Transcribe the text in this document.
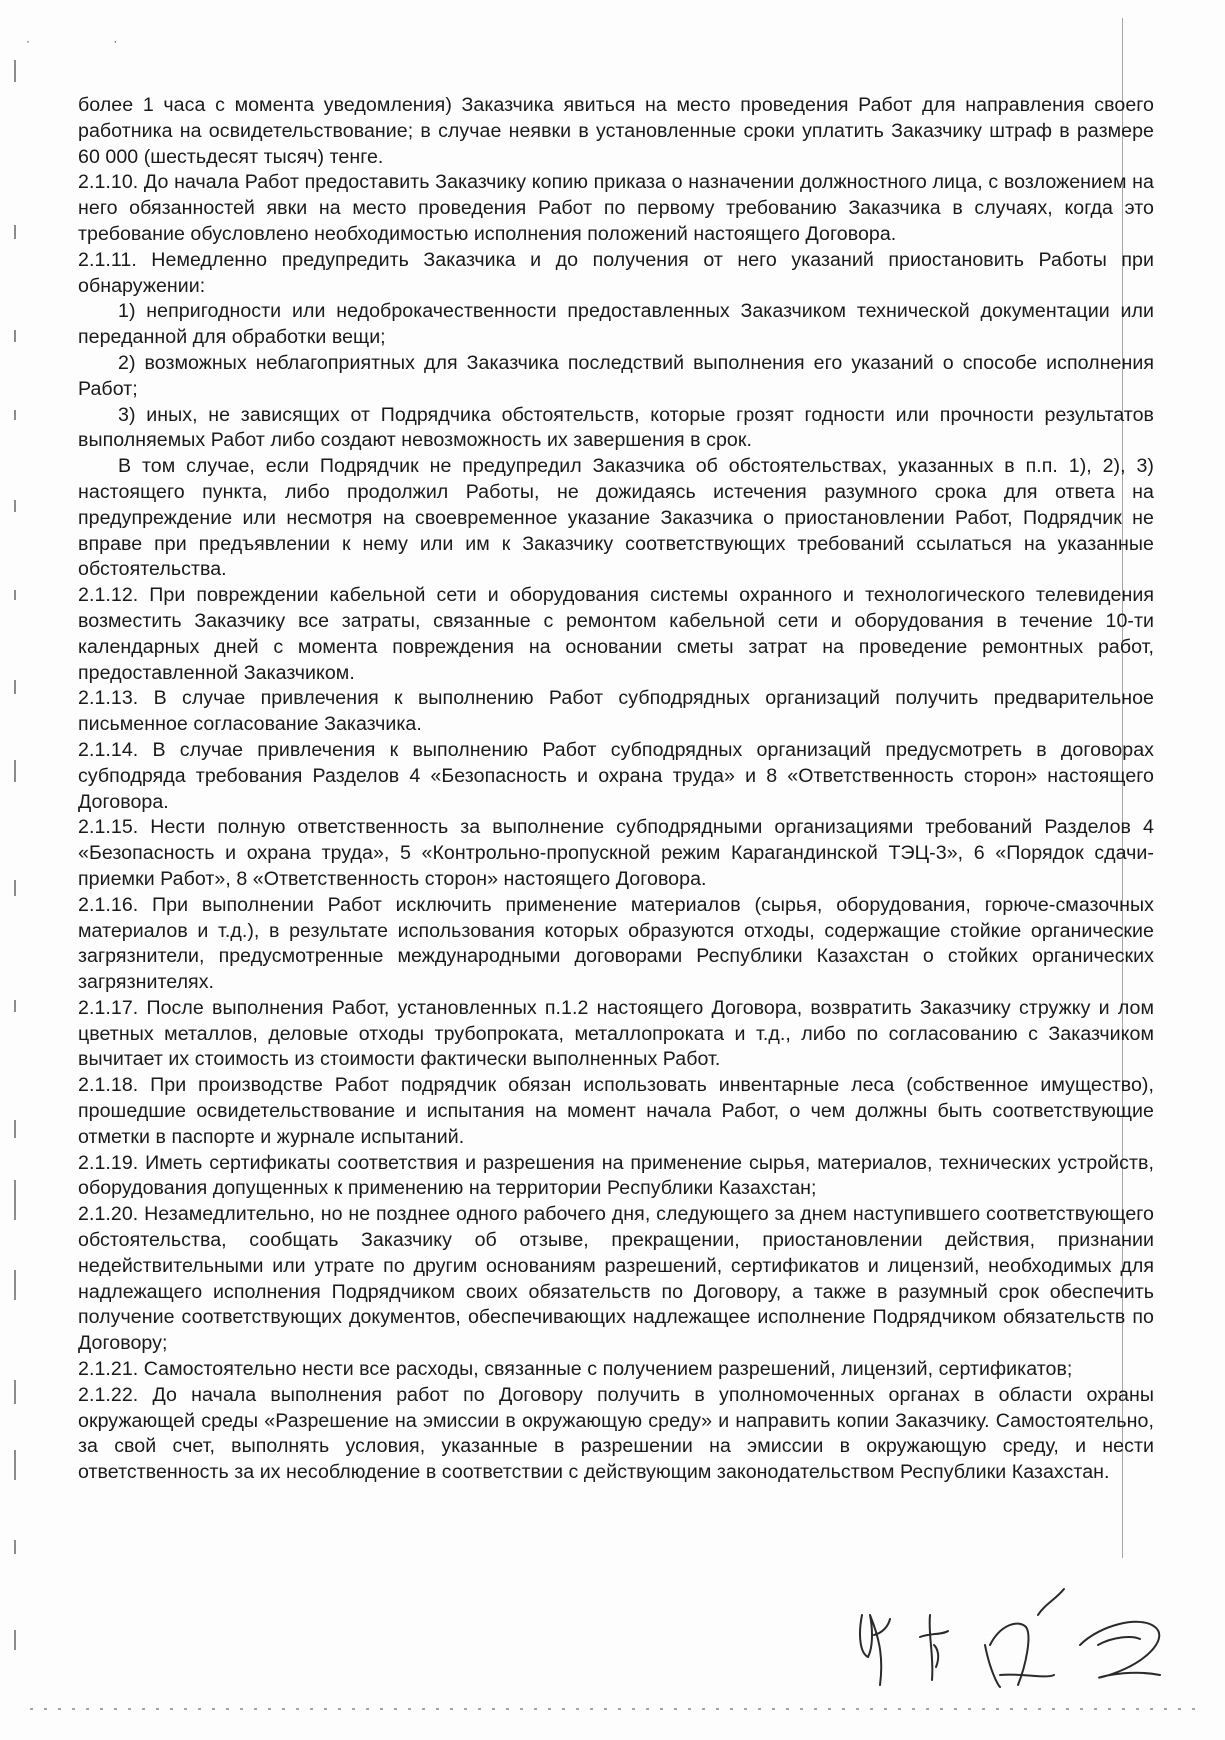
· ·

более 1 часа с момента уведомления) Заказчика явиться на место проведения Работ для направления своего работника на освидетельствование; в случае неявки в установленные сроки уплатить Заказчику штраф в размере 60 000 (шестьдесят тысяч) тенге.

2.1.10. До начала Работ предоставить Заказчику копию приказа о назначении должностного лица, с возложением на него обязанностей явки на место проведения Работ по первому требованию Заказчика в случаях, когда это требование обусловлено необходимостью исполнения положений настоящего Договора.

2.1.11. Немедленно предупредить Заказчика и до получения от него указаний приостановить Работы при обнаружении:

1) непригодности или недоброкачественности предоставленных Заказчиком технической документации или переданной для обработки вещи;

2) возможных неблагоприятных для Заказчика последствий выполнения его указаний о способе исполнения Работ;

3) иных, не зависящих от Подрядчика обстоятельств, которые грозят годности или прочности результатов выполняемых Работ либо создают невозможность их завершения в срок.

В том случае, если Подрядчик не предупредил Заказчика об обстоятельствах, указанных в п.п. 1), 2), 3) настоящего пункта, либо продолжил Работы, не дожидаясь истечения разумного срока для ответа на предупреждение или несмотря на своевременное указание Заказчика о приостановлении Работ, Подрядчик не вправе при предъявлении к нему или им к Заказчику соответствующих требований ссылаться на указанные обстоятельства.

2.1.12. При повреждении кабельной сети и оборудования системы охранного и технологического телевидения возместить Заказчику все затраты, связанные с ремонтом кабельной сети и оборудования в течение 10-ти календарных дней с момента повреждения на основании сметы затрат на проведение ремонтных работ, предоставленной Заказчиком.

2.1.13. В случае привлечения к выполнению Работ субподрядных организаций получить предварительное письменное согласование Заказчика.

2.1.14. В случае привлечения к выполнению Работ субподрядных организаций предусмотреть в договорах субподряда требования Разделов 4 «Безопасность и охрана труда» и 8 «Ответственность сторон» настоящего Договора.

2.1.15. Нести полную ответственность за выполнение субподрядными организациями требований Разделов 4 «Безопасность и охрана труда», 5 «Контрольно-пропускной режим Карагандинской ТЭЦ-3», 6 «Порядок сдачи-приемки Работ», 8 «Ответственность сторон» настоящего Договора.

2.1.16. При выполнении Работ исключить применение материалов (сырья, оборудования, горюче-смазочных материалов и т.д.), в результате использования которых образуются отходы, содержащие стойкие органические загрязнители, предусмотренные международными договорами Республики Казахстан о стойких органических загрязнителях.

2.1.17. После выполнения Работ, установленных п.1.2 настоящего Договора, возвратить Заказчику стружку и лом цветных металлов, деловые отходы трубопроката, металлопроката и т.д., либо по согласованию с Заказчиком вычитает их стоимость из стоимости фактически выполненных Работ.

2.1.18. При производстве Работ подрядчик обязан использовать инвентарные леса (собственное имущество), прошедшие освидетельствование и испытания на момент начала Работ, о чем должны быть соответствующие отметки в паспорте и журнале испытаний.

2.1.19. Иметь сертификаты соответствия и разрешения на применение сырья, материалов, технических устройств, оборудования допущенных к применению на территории Республики Казахстан;

2.1.20. Незамедлительно, но не позднее одного рабочего дня, следующего за днем наступившего соответствующего обстоятельства, сообщать Заказчику об отзыве, прекращении, приостановлении действия, признании недействительными или утрате по другим основаниям разрешений, сертификатов и лицензий, необходимых для надлежащего исполнения Подрядчиком своих обязательств по Договору, а также в разумный срок обеспечить получение соответствующих документов, обеспечивающих надлежащее исполнение Подрядчиком обязательств по Договору;

2.1.21. Самостоятельно нести все расходы, связанные с получением разрешений, лицензий, сертификатов;

2.1.22. До начала выполнения работ по Договору получить в уполномоченных органах в области охраны окружающей среды «Разрешение на эмиссии в окружающую среду» и направить копии Заказчику. Самостоятельно, за свой счет, выполнять условия, указанные в разрешении на эмиссии в окружающую среду, и нести ответственность за их несоблюдение в соответствии с действующим законодательством Республики Казахстан.
